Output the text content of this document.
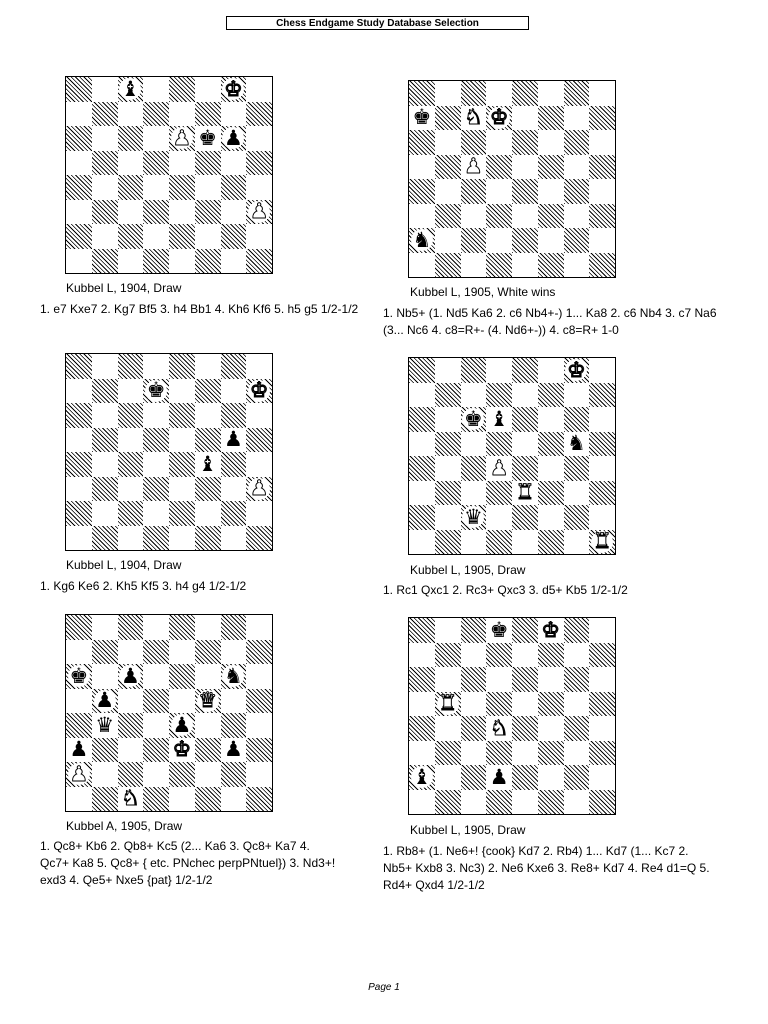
Chess Endgame Study Database Selection
♝	♚
♟ ♚ ♟
♟
Kubbel L, 1904, Draw
1. e7 Kxe7 2. Kg7 Bf5 3. h4 Bb1 4. Kh6 Kf6 5. h5 g5 1/2-1/2
♚ ♞ ♚
♟
♞
Kubbel L, 1905, White wins
1. Nb5+ (1. Nd5 Ka6 2. c6 Nb4+-) 1... Ka8 2. c6 Nb4 3. c7 Na6 (3... Nc6 4. c8=R+- (4. Nd6+-)) 4. c8=R+ 1-0
♚	♚
♟
♝
♟
Kubbel L, 1904, Draw
1. Kg6 Ke6 2. Kh5 Kf5 3. h4 g4 1/2-1/2
♚
♚ ♝
♞
♟
♜
♛
♜
Kubbel L, 1905, Draw
1. Rc1 Qxc1 2. Rc3+ Qxc3 3. d5+ Kb5 1/2-1/2
♚ ♟	♞
♟	♛
♛	♟
♟	♚ ♟
♟
♞
Kubbel A, 1905, Draw
1. Qc8+ Kb6 2. Qb8+ Kc5 (2... Ka6 3. Qc8+ Ka7 4. Qc7+ Ka8 5. Qc8+ { etc. PNchec perpPNtuel}) 3. Nd3+! exd3 4. Qe5+ Nxe5 {pat} 1/2-1/2
♚ ♚
♜
♞
♝	♟
Kubbel L, 1905, Draw
1. Rb8+ (1. Ne6+! {cook} Kd7 2. Rb4) 1... Kd7 (1... Kc7 2. Nb5+ Kxb8 3. Nc3) 2. Ne6 Kxe6 3. Re8+ Kd7 4. Re4 d1=Q 5. Rd4+ Qxd4 1/2-1/2
Page 1
